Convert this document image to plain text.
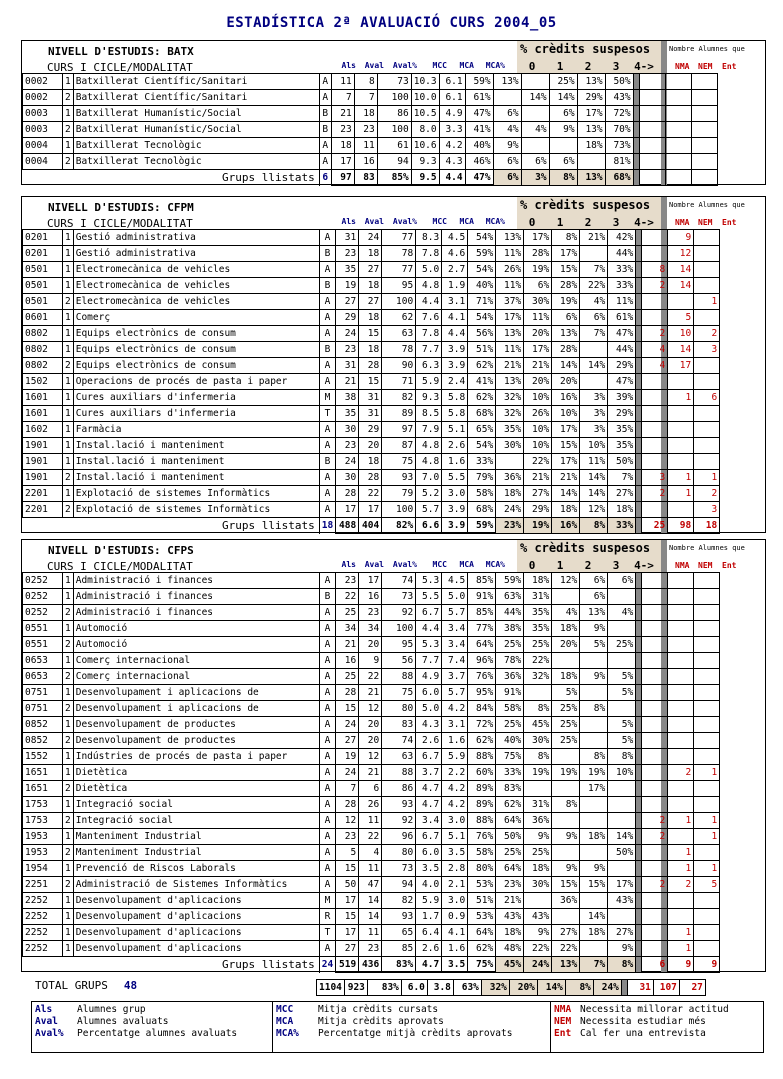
ESTADÍSTICA 2ª AVALUACIÓ CURS 2004_05
NIVELL D'ESTUDIS: BATX
CURS I CICLE/MODALITAT	Als	Aval	Aval%	MCC	MCA	MCA%
% crèdits suspesos
0	1	2	3	4->
Nombre Alumnes que
NMA NEM Ent
0002	1	Batxillerat Científic/Sanitari	A	11	8	73	10.3	6.1	59%	13%		25%	13%	50%				
0002	2	Batxillerat Científic/Sanitari	A	7	7	100	10.0	6.1	61%		14%	14%	29%	43%				
0003	1	Batxillerat Humanístic/Social	B	21	18	86	10.5	4.9	47%	6%		6%	17%	72%				
0003	2	Batxillerat Humanístic/Social	B	23	23	100	8.0	3.3	41%	4%	4%	9%	13%	70%				
0004	1	Batxillerat Tecnològic	A	18	11	61	10.6	4.2	40%	9%			18%	73%				
0004	2	Batxillerat Tecnològic	A	17	16	94	9.3	4.3	46%	6%	6%	6%		81%				
Grups llistats			6	97	83	85%	9.5	4.4	47%	6%	3%	8%	13%	68%				
NIVELL D'ESTUDIS: CFPM
CURS I CICLE/MODALITAT	Als	Aval	Aval%	MCC	MCA	MCA%
% crèdits suspesos
0	1	2	3	4->
Nombre Alumnes que
NMA NEM Ent
0201	1	Gestió administrativa	A	31	24	77	8.3	4.5	54%	13%	17%	8%	21%	42%			9	
0201	1	Gestió administrativa	B	23	18	78	7.8	4.6	59%	11%	28%	17%		44%			12	
0501	1	Electromecànica de vehicles	A	35	27	77	5.0	2.7	54%	26%	19%	15%	7%	33%		8	14	
0501	1	Electromecànica de vehicles	B	19	18	95	4.8	1.9	40%	11%	6%	28%	22%	33%		2	14	
0501	2	Electromecànica de vehicles	A	27	27	100	4.4	3.1	71%	37%	30%	19%	4%	11%				1
0601	1	Comerç	A	29	18	62	7.6	4.1	54%	17%	11%	6%	6%	61%			5	
0802	1	Equips electrònics de consum	A	24	15	63	7.8	4.4	56%	13%	20%	13%	7%	47%		2	10	2
0802	1	Equips electrònics de consum	B	23	18	78	7.7	3.9	51%	11%	17%	28%		44%		4	14	3
0802	2	Equips electrònics de consum	A	31	28	90	6.3	3.9	62%	21%	21%	14%	14%	29%		4	17	
1502	1	Operacions de procés de pasta i paper	A	21	15	71	5.9	2.4	41%	13%	20%	20%		47%				
1601	1	Cures auxiliars d'infermeria	M	38	31	82	9.3	5.8	62%	32%	10%	16%	3%	39%			1	6
1601	1	Cures auxiliars d'infermeria	T	35	31	89	8.5	5.8	68%	32%	26%	10%	3%	29%				
1602	1	Farmàcia	A	30	29	97	7.9	5.1	65%	35%	10%	17%	3%	35%				
1901	1	Instal.lació i manteniment	A	23	20	87	4.8	2.6	54%	30%	10%	15%	10%	35%				
1901	1	Instal.lació i manteniment	B	24	18	75	4.8	1.6	33%		22%	17%	11%	50%				
1901	2	Instal.lació i manteniment	A	30	28	93	7.0	5.5	79%	36%	21%	21%	14%	7%		3	1	1
2201	1	Explotació de sistemes Informàtics	A	28	22	79	5.2	3.0	58%	18%	27%	14%	14%	27%		2	1	2
2201	2	Explotació de sistemes Informàtics	A	17	17	100	5.7	3.9	68%	24%	29%	18%	12%	18%				3
Grups llistats			18	488	404	82%	6.6	3.9	59%	23%	19%	16%	8%	33%		25	98	18
NIVELL D'ESTUDIS: CFPS
CURS I CICLE/MODALITAT	Als	Aval	Aval%	MCC	MCA	MCA%
% crèdits suspesos
0	1	2	3	4->
Nombre Alumnes que
NMA NEM Ent
0252	1	Administració i finances	A	23	17	74	5.3	4.5	85%	59%	18%	12%	6%	6%				
0252	1	Administració i finances	B	22	16	73	5.5	5.0	91%	63%	31%		6%					
0252	2	Administració i finances	A	25	23	92	6.7	5.7	85%	44%	35%	4%	13%	4%				
0551	1	Automoció	A	34	34	100	4.4	3.4	77%	38%	35%	18%	9%					
0551	2	Automoció	A	21	20	95	5.3	3.4	64%	25%	25%	20%	5%	25%				
0653	1	Comerç internacional	A	16	9	56	7.7	7.4	96%	78%	22%							
0653	2	Comerç internacional	A	25	22	88	4.9	3.7	76%	36%	32%	18%	9%	5%				
0751	1	Desenvolupament i aplicacions de	A	28	21	75	6.0	5.7	95%	91%		5%		5%				
0751	2	Desenvolupament i aplicacions de	A	15	12	80	5.0	4.2	84%	58%	8%	25%	8%					
0852	1	Desenvolupament de productes	A	24	20	83	4.3	3.1	72%	25%	45%	25%		5%				
0852	2	Desenvolupament de productes	A	27	20	74	2.6	1.6	62%	40%	30%	25%		5%				
1552	1	Indústries de procés de pasta i paper	A	19	12	63	6.7	5.9	88%	75%	8%		8%	8%				
1651	1	Dietètica	A	24	21	88	3.7	2.2	60%	33%	19%	19%	19%	10%			2	1
1651	2	Dietètica	A	7	6	86	4.7	4.2	89%	83%			17%					
1753	1	Integració social	A	28	26	93	4.7	4.2	89%	62%	31%	8%						
1753	2	Integració social	A	12	11	92	3.4	3.0	88%	64%	36%					2	1	1
1953	1	Manteniment Industrial	A	23	22	96	6.7	5.1	76%	50%	9%	9%	18%	14%		2		1
1953	2	Manteniment Industrial	A	5	4	80	6.0	3.5	58%	25%	25%			50%			1	
1954	1	Prevenció de Riscos Laborals	A	15	11	73	3.5	2.8	80%	64%	18%	9%	9%				1	1
2251	2	Administració de Sistemes Informàtics	A	50	47	94	4.0	2.1	53%	23%	30%	15%	15%	17%		2	2	5
2252	1	Desenvolupament d'aplicacions	M	17	14	82	5.9	3.0	51%	21%		36%		43%				
2252	1	Desenvolupament d'aplicacions	R	15	14	93	1.7	0.9	53%	43%	43%		14%					
2252	1	Desenvolupament d'aplicacions	T	17	11	65	6.4	4.1	64%	18%	9%	27%	18%	27%			1	
2252	1	Desenvolupament d'aplicacions	A	27	23	85	2.6	1.6	62%	48%	22%	22%		9%			1	
Grups llistats			24	519	436	83%	4.7	3.5	75%	45%	24%	13%	7%	8%		6	9	9
TOTAL GRUPS 48	1104	923	83%	6.0	3.8	63%	32%	20%	14%	8%	24%		31	107	27
Als	Alumnes grup
Aval Alumnes avaluats
Aval% Percentatge alumnes avaluats
MCC	Mitja crèdits cursats
MCA	Mitja crèdits aprovats
MCA% Percentatge mitjà crèdits aprovats
NMA Necessita millorar actitud
NEM Necessita estudiar més
Ent Cal fer una entrevista
